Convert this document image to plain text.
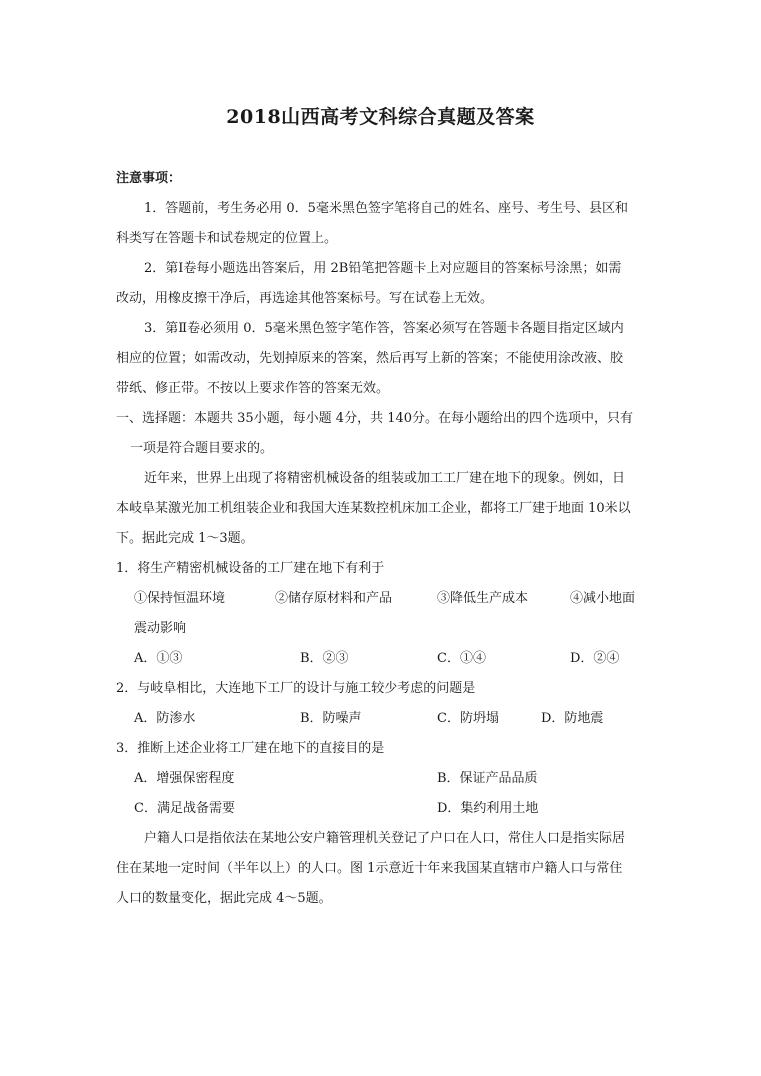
2018山西高考文科综合真题及答案
注意事项：
1．答题前，考生务必用 0．5毫米黑色签字笔将自己的姓名、座号、考生号、县区和
科类写在答题卡和试卷规定的位置上。
2．第Ⅰ卷每小题选出答案后，用 2B铅笔把答题卡上对应题目的答案标号涂黑；如需
改动，用橡皮擦干净后，再选途其他答案标号。写在试卷上无效。
3．第Ⅱ卷必须用 0．5毫米黑色签字笔作答，答案必须写在答题卡各题目指定区域内
相应的位置；如需改动，先划掉原来的答案，然后再写上新的答案；不能使用涂改液、胶
带纸、修正带。不按以上要求作答的答案无效。
一、选择题：本题共 35小题，每小题 4分，共 140分。在每小题给出的四个选项中，只有
一项是符合题目要求的。
近年来，世界上出现了将精密机械设备的组装或加工工厂建在地下的现象。例如，日
本岐阜某激光加工机组装企业和我国大连某数控机床加工企业，都将工厂建于地面 10米以
下。据此完成 1～3题。
1．将生产精密机械设备的工厂建在地下有利于
①保持恒温环境	②储存原材料和产品	③降低生产成本	④减小地面
震动影响
A．①③	B．②③	C．①④	D．②④
2．与岐阜相比，大连地下工厂的设计与施工较少考虑的问题是
A．防渗水	B．防噪声	C．防坍塌	D．防地震
3．推断上述企业将工厂建在地下的直接目的是
A．增强保密程度	B．保证产品品质
C．满足战备需要	D．集约利用土地
户籍人口是指依法在某地公安户籍管理机关登记了户口在人口，常住人口是指实际居
住在某地一定时间（半年以上）的人口。图 1示意近十年来我国某直辖市户籍人口与常住
人口的数量变化，据此完成 4～5题。
